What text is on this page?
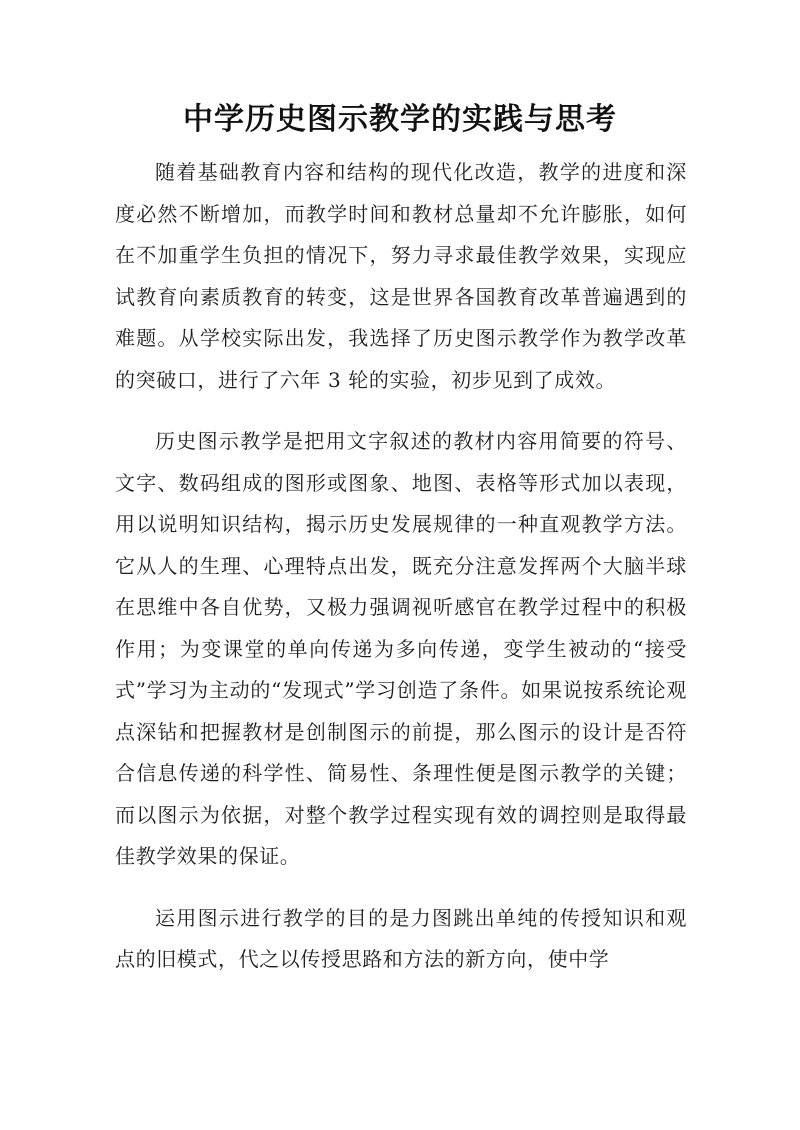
中学历史图示教学的实践与思考

随着基础教育内容和结构的现代化改造，教学的进度和深度必然不断增加，而教学时间和教材总量却不允许膨胀，如何在不加重学生负担的情况下，努力寻求最佳教学效果，实现应试教育向素质教育的转变，这是世界各国教育改革普遍遇到的难题。从学校实际出发，我选择了历史图示教学作为教学改革的突破口，进行了六年 3 轮的实验，初步见到了成效。

历史图示教学是把用文字叙述的教材内容用简要的符号、文字、数码组成的图形或图象、地图、表格等形式加以表现，用以说明知识结构，揭示历史发展规律的一种直观教学方法。它从人的生理、心理特点出发，既充分注意发挥两个大脑半球在思维中各自优势，又极力强调视听感官在教学过程中的积极作用；为变课堂的单向传递为多向传递，变学生被动的“接受式”学习为主动的“发现式”学习创造了条件。如果说按系统论观点深钻和把握教材是创制图示的前提，那么图示的设计是否符合信息传递的科学性、简易性、条理性便是图示教学的关键；而以图示为依据，对整个教学过程实现有效的调控则是取得最佳教学效果的保证。

运用图示进行教学的目的是力图跳出单纯的传授知识和观点的旧模式，代之以传授思路和方法的新方向，使中学
